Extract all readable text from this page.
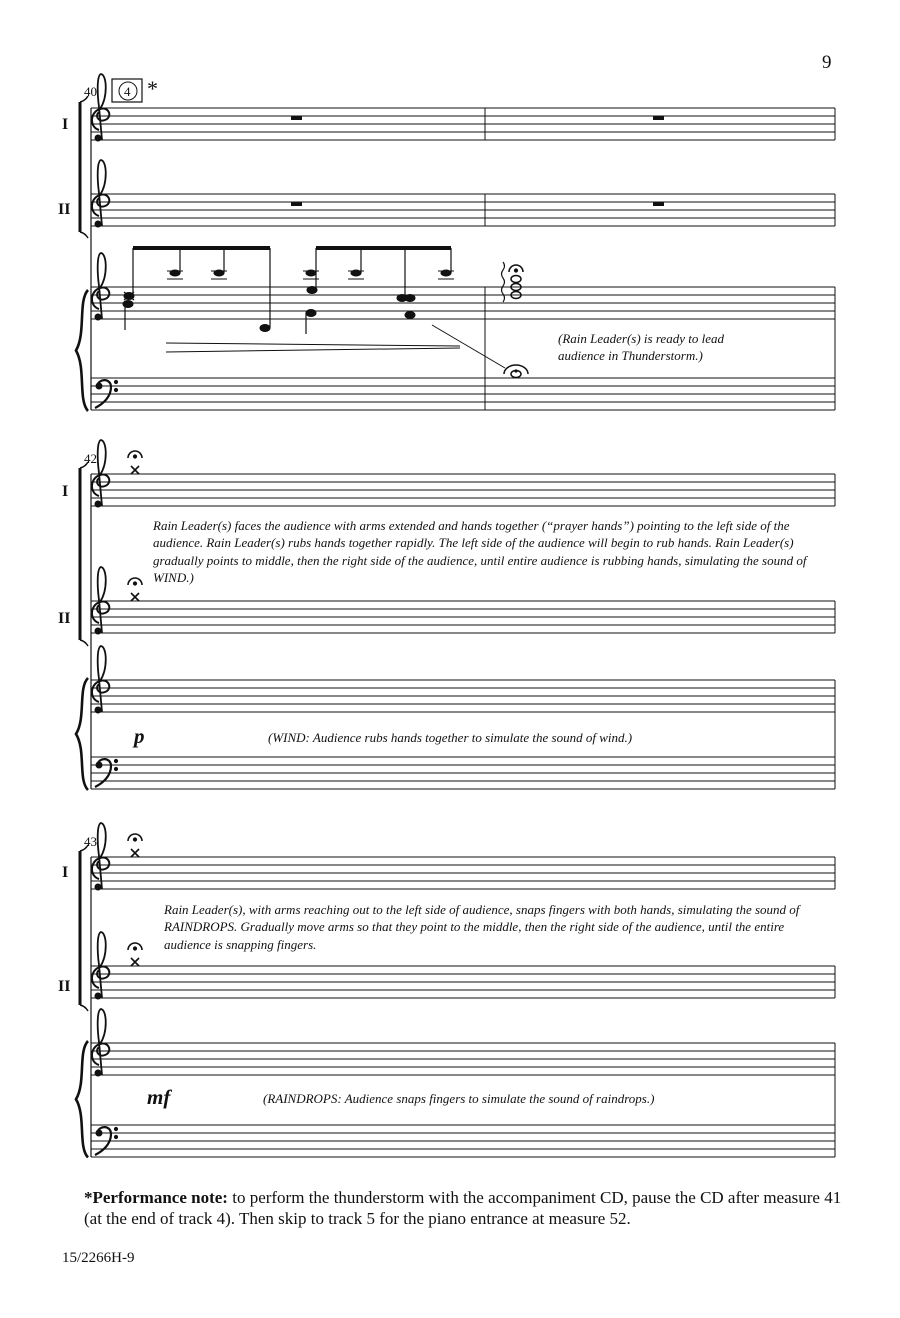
9
40 *
I
II
(Rain Leader(s) is ready to lead audience in Thunderstorm.)
42
I
II
Rain Leader(s) faces the audience with arms extended and hands together (“prayer hands”) pointing to the left side of the audience. Rain Leader(s) rubs hands together rapidly. The left side of the audience will begin to rub hands. Rain Leader(s) gradually points to middle, then the right side of the audience, until entire audience is rubbing hands, simulating the sound of WIND.)
p	(WIND: Audience rubs hands together to simulate the sound of wind.)
43
I
II
Rain Leader(s), with arms reaching out to the left side of audience, snaps fingers with both hands, simulating the sound of RAINDROPS. Gradually move arms so that they point to the middle, then the right side of the audience, until the entire audience is snapping fingers.
mf	(RAINDROPS: Audience snaps fingers to simulate the sound of raindrops.)
*Performance note: to perform the thunderstorm with the accompaniment CD, pause the CD after measure 41 (at the end of track 4). Then skip to track 5 for the piano entrance at measure 52.
15/2266H-9
4
